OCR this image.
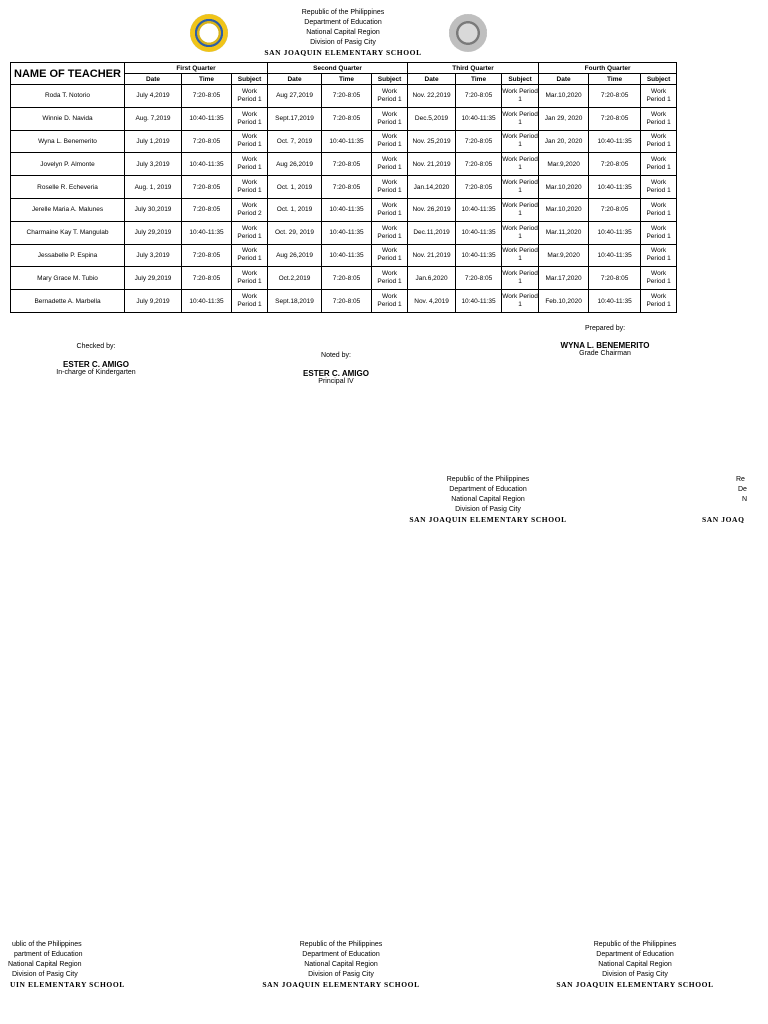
Republic of the Philippines
Department of Education
National Capital Region
Division of Pasig City
SAN JOAQUIN ELEMENTARY SCHOOL
NAME OF TEACHER	First Quarter			Second Quarter			Third Quarter			Fourth Quarter		
	Date	Time	Subject	Date	Time	Subject	Date	Time	Subject	Date	Time	Subject
Roda T. Notorio	July 4,2019	7:20-8:05	Work Period 1	Aug 27,2019	7:20-8:05	Work Period 1	Nov. 22,2019	7:20-8:05	Work Period 1	Mar.10,2020	7:20-8:05	Work Period 1
Winnie D. Navida	Aug. 7,2019	10:40-11:35	Work Period 1	Sept.17,2019	7:20-8:05	Work Period 1	Dec.5,2019	10:40-11:35	Work Period 1	Jan 29, 2020	7:20-8:05	Work Period 1
Wyna L. Benemerito	July 1,2019	7:20-8:05	Work Period 1	Oct. 7, 2019	10:40-11:35	Work Period 1	Nov. 25,2019	7:20-8:05	Work Period 1	Jan 20, 2020	10:40-11:35	Work Period 1
Jovelyn P. Almonte	July 3,2019	10:40-11:35	Work Period 1	Aug 26,2019	7:20-8:05	Work Period 1	Nov. 21,2019	7:20-8:05	Work Period 1	Mar.9,2020	7:20-8:05	Work Period 1
Roselle R. Echeveria	Aug. 1, 2019	7:20-8:05	Work Period 1	Oct. 1, 2019	7:20-8:05	Work Period 1	Jan.14,2020	7:20-8:05	Work Period 1	Mar.10,2020	10:40-11:35	Work Period 1
Jerelle Maria A. Malunes	July 30,2019	7:20-8:05	Work Period 2	Oct. 1, 2019	10:40-11:35	Work Period 1	Nov. 26,2019	10:40-11:35	Work Period 1	Mar.10,2020	7:20-8:05	Work Period 1
Charmaine Kay T. Mangulab	July 29,2019	10:40-11:35	Work Period 1	Oct. 29, 2019	10:40-11:35	Work Period 1	Dec.11,2019	10:40-11:35	Work Period 1	Mar.11,2020	10:40-11:35	Work Period 1
Jessabelle P. Espina	July 3,2019	7:20-8:05	Work Period 1	Aug 26,2019	10:40-11:35	Work Period 1	Nov. 21,2019	10:40-11:35	Work Period 1	Mar.9,2020	10:40-11:35	Work Period 1
Mary Grace M. Tubio	July 29,2019	7:20-8:05	Work Period 1	Oct.2,2019	7:20-8:05	Work Period 1	Jan.6,2020	7:20-8:05	Work Period 1	Mar.17,2020	7:20-8:05	Work Period 1
Bernadette A. Marbella	July 9,2019	10:40-11:35	Work Period 1	Sept.18,2019	7:20-8:05	Work Period 1	Nov. 4,2019	10:40-11:35	Work Period 1	Feb.10,2020	10:40-11:35	Work Period 1
Prepared by:
WYNA L. BENEMERITO
Grade Chairman
Checked by:
ESTER C. AMIGO
In-charge of Kindergarten
Noted by:
ESTER C. AMIGO
Principal IV
Republic of the Philippines
Department of Education
National Capital Region
Division of Pasig City
SAN JOAQUIN ELEMENTARY SCHOOL
Re
De
N
SAN JOAQ
ublic of the Philippines
partment of Education
National Capital Region
Division of Pasig City
UIN ELEMENTARY SCHOOL
Republic of the Philippines
Department of Education
National Capital Region
Division of Pasig City
SAN JOAQUIN ELEMENTARY SCHOOL
Republic of the Philippines
Department of Education
National Capital Region
Division of Pasig City
SAN JOAQUIN ELEMENTARY SCHOOL
